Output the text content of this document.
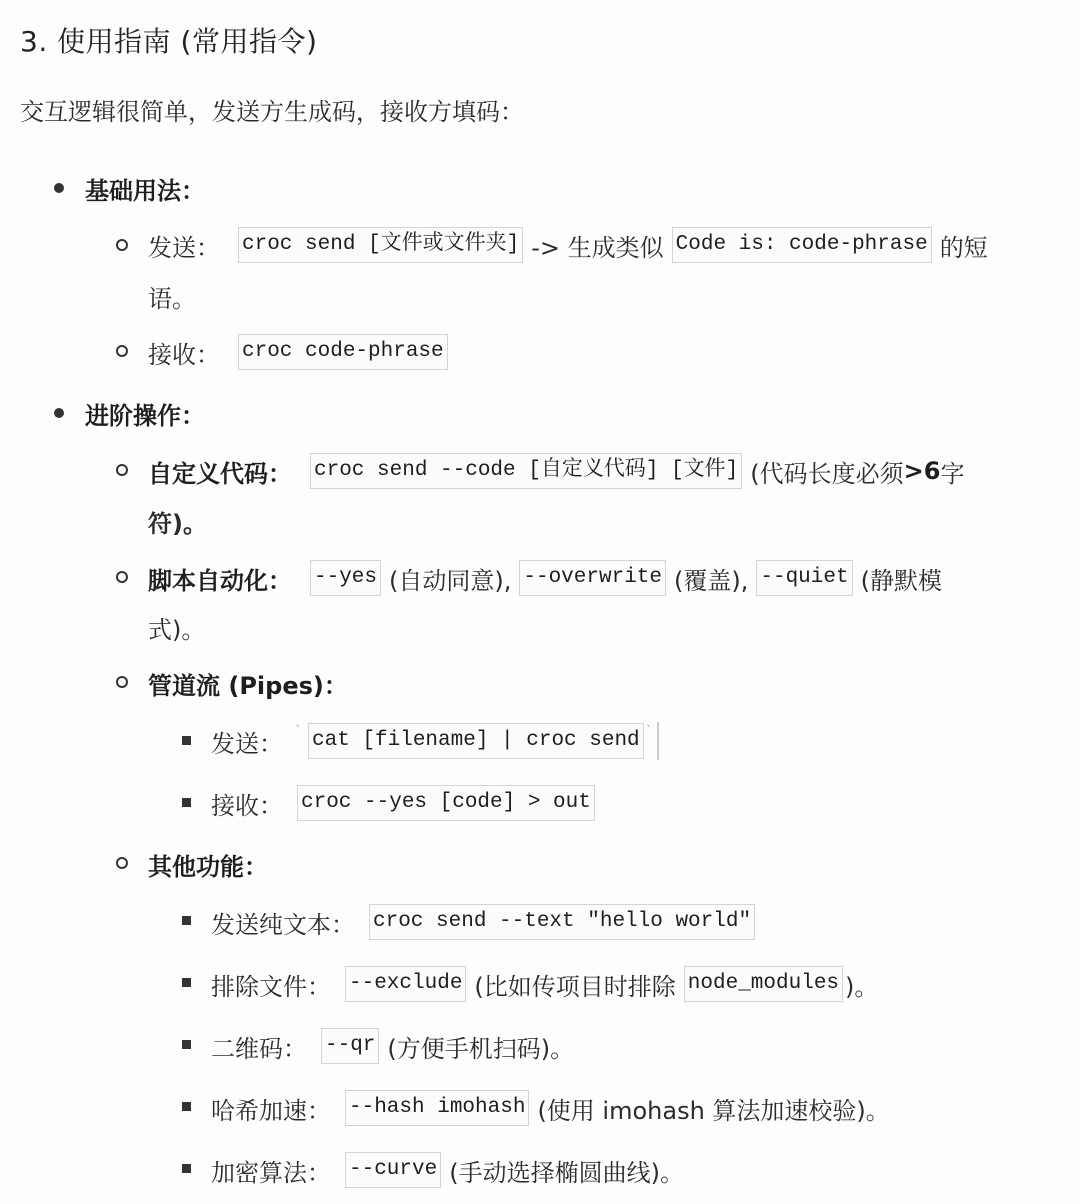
3. 使用指南 (常用指令)

交互逻辑很简单，发送方生成码，接收方填码：

基础用法：
发送： croc send [文件或文件夹] -> 生成类似 Code is: code-phrase 的短
语。
接收： croc code-phrase
进阶操作：
自定义代码： croc send --code [自定义代码] [文件] (代码长度必须 >6 字
符)。
脚本自动化： --yes (自动同意), --overwrite (覆盖), --quiet (静默模
式)。
管道流 (Pipes)：
发送： ` cat [filename] | croc send `
接收： croc --yes [code] > out
其他功能：
发送纯文本： croc send --text "hello world"
排除文件： --exclude (比如传项目时排除 node_modules )。
二维码： --qr (方便手机扫码)。
哈希加速： --hash imohash (使用 imohash 算法加速校验)。
加密算法： --curve (手动选择椭圆曲线)。
